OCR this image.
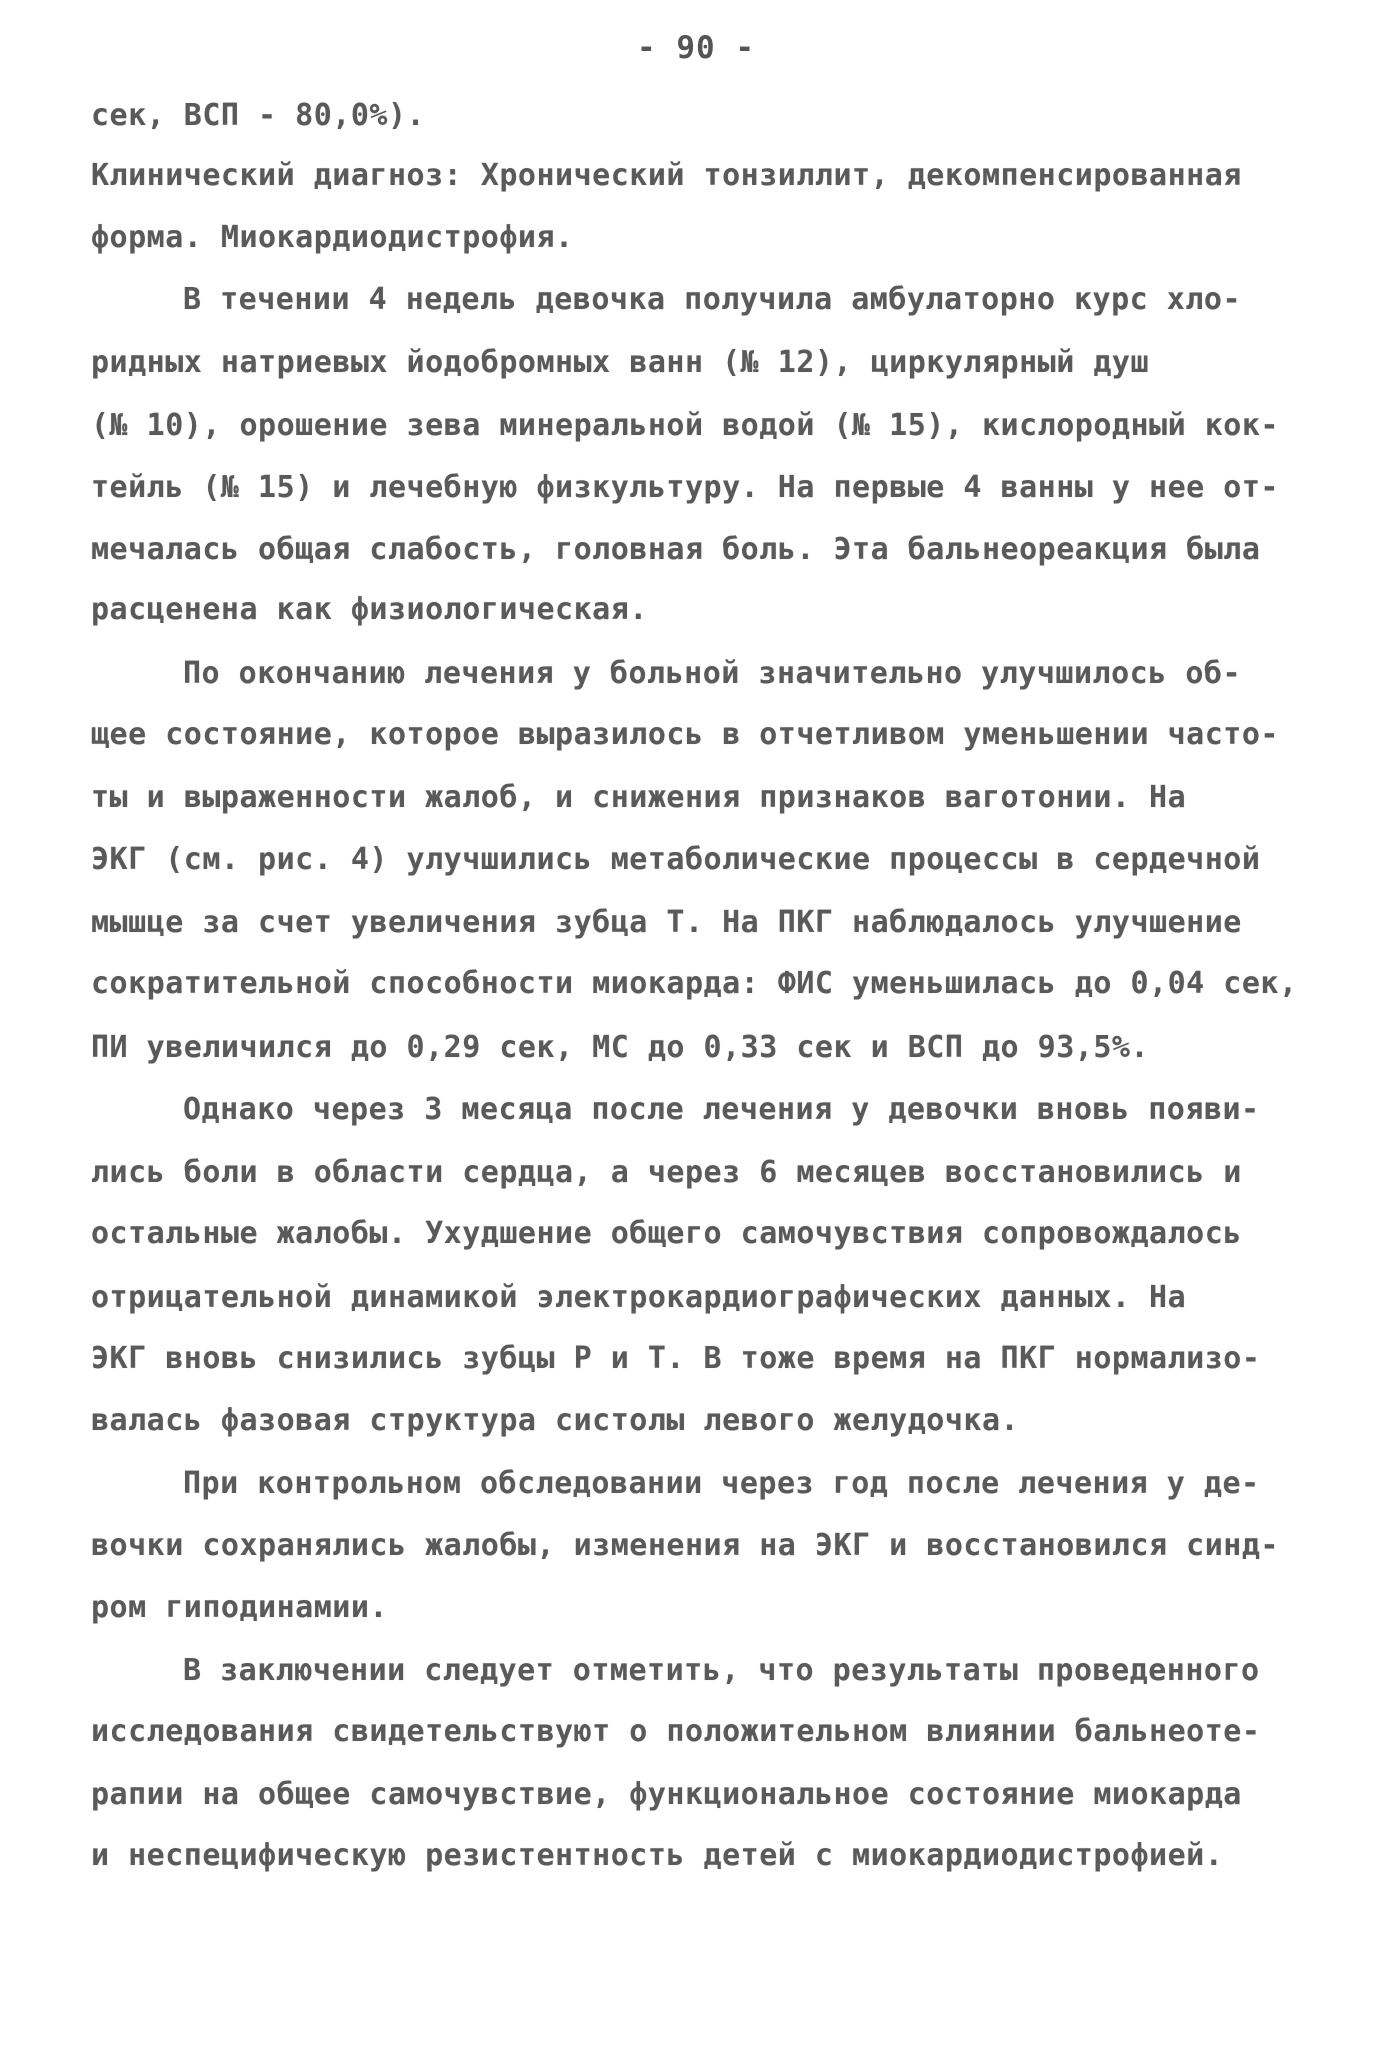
- 90 -
сек, ВСП - 80,0%).
Клинический диагноз: Хронический тонзиллит, декомпенсированная
форма. Миокардиодистрофия.
В течении 4 недель девочка получила амбулаторно курс хло-
ридных натриевых йодобромных ванн (№ 12), циркулярный душ
(№ 10), орошение зева минеральной водой (№ 15), кислородный кок-
тейль (№ 15) и лечебную физкультуру. На первые 4 ванны у нее от-
мечалась общая слабость, головная боль. Эта бальнеореакция была
расценена как физиологическая.
По окончанию лечения у больной значительно улучшилось об-
щее состояние, которое выразилось в отчетливом уменьшении часто-
ты и выраженности жалоб, и снижения признаков ваготонии. На
ЭКГ (см. рис. 4) улучшились метаболические процессы в сердечной
мышце за счет увеличения зубца Т. На ПКГ наблюдалось улучшение
сократительной способности миокарда: ФИС уменьшилась до 0,04 сек,
ПИ увеличился до 0,29 сек, МС до 0,33 сек и ВСП до 93,5%.
Однако через 3 месяца после лечения у девочки вновь появи-
лись боли в области сердца, а через 6 месяцев восстановились и
остальные жалобы. Ухудшение общего самочувствия сопровождалось
отрицательной динамикой электрокардиографических данных. На
ЭКГ вновь снизились зубцы Р и Т. В тоже время на ПКГ нормализо-
валась фазовая структура систолы левого желудочка.
При контрольном обследовании через год после лечения у де-
вочки сохранялись жалобы, изменения на ЭКГ и восстановился синд-
ром гиподинамии.
В заключении следует отметить, что результаты проведенного
исследования свидетельствуют о положительном влиянии бальнеоте-
рапии на общее самочувствие, функциональное состояние миокарда
и неспецифическую резистентность детей с миокардиодистрофией.
